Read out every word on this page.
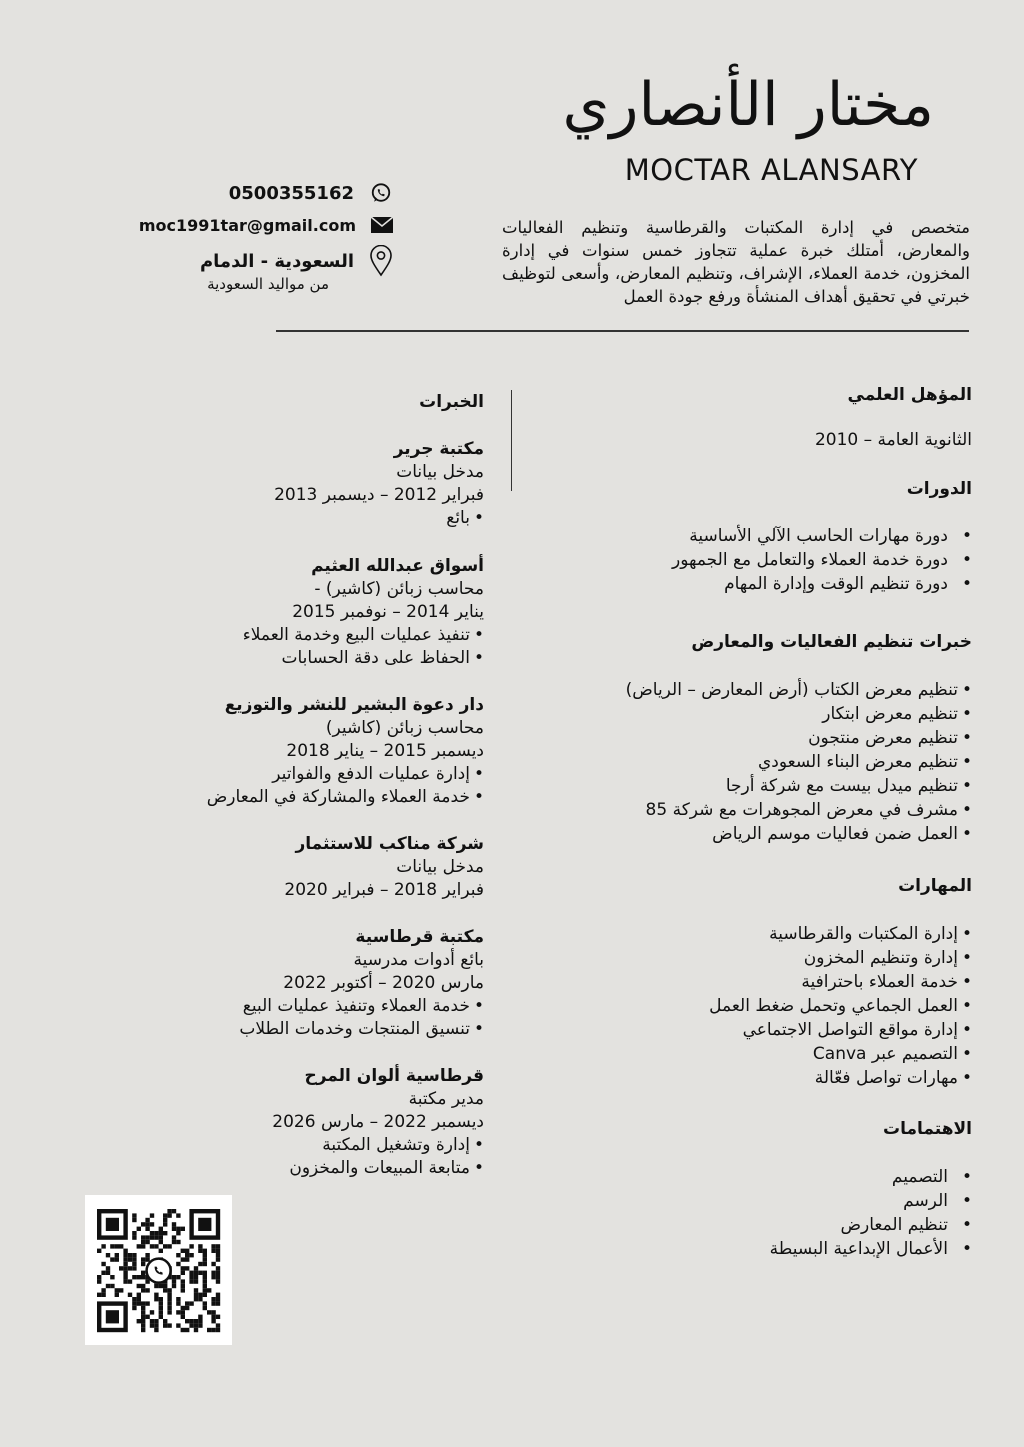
مختار الأنصاري

MOCTAR ALANSARY

متخصص في إدارة المكتبات والقرطاسية وتنظيم الفعاليات والمعارض، أمتلك خبرة عملية تتجاوز خمس سنوات في إدارة المخزون، خدمة العملاء، الإشراف، وتنظيم المعارض، وأسعى لتوظيف خبرتي في تحقيق أهداف المنشأة ورفع جودة العمل

0500355162
moc1991tar@gmail.com
السعودية - الدمام
من مواليد السعودية
المؤهل العلمي
الثانوية العامة – 2010
الدورات
• دورة مهارات الحاسب الآلي الأساسية
• دورة خدمة العملاء والتعامل مع الجمهور
• دورة تنظيم الوقت وإدارة المهام
خبرات تنظيم الفعاليات والمعارض
• تنظيم معرض الكتاب (أرض المعارض – الرياض)
• تنظيم معرض ابتكار
• تنظيم معرض منتجون
• تنظيم معرض البناء السعودي
• تنظيم ميدل بيست مع شركة أرجا
• مشرف في معرض المجوهرات مع شركة 85
• العمل ضمن فعاليات موسم الرياض
المهارات
• إدارة المكتبات والقرطاسية
• إدارة وتنظيم المخزون
• خدمة العملاء باحترافية
• العمل الجماعي وتحمل ضغط العمل
• إدارة مواقع التواصل الاجتماعي
• التصميم عبر Canva
• مهارات تواصل فعّالة
الاهتمامات
• التصميم
• الرسم
• تنظيم المعارض
• الأعمال الإبداعية البسيطة
الخبرات
مكتبة جرير
مدخل بيانات
فبراير 2012 – ديسمبر 2013
• بائع
أسواق عبدالله العثيم
محاسب زبائن (كاشير) -
يناير 2014 – نوفمبر 2015
• تنفيذ عمليات البيع وخدمة العملاء
• الحفاظ على دقة الحسابات
دار دعوة البشير للنشر والتوزيع
محاسب زبائن (كاشير)
ديسمبر 2015 – يناير 2018
• إدارة عمليات الدفع والفواتير
• خدمة العملاء والمشاركة في المعارض
شركة مناكب للاستثمار
مدخل بيانات
فبراير 2018 – فبراير 2020
مكتبة قرطاسية
بائع أدوات مدرسية
مارس 2020 – أكتوبر 2022
• خدمة العملاء وتنفيذ عمليات البيع
• تنسيق المنتجات وخدمات الطلاب
قرطاسية ألوان المرح
مدير مكتبة
ديسمبر 2022 – مارس 2026
• إدارة وتشغيل المكتبة
• متابعة المبيعات والمخزون
